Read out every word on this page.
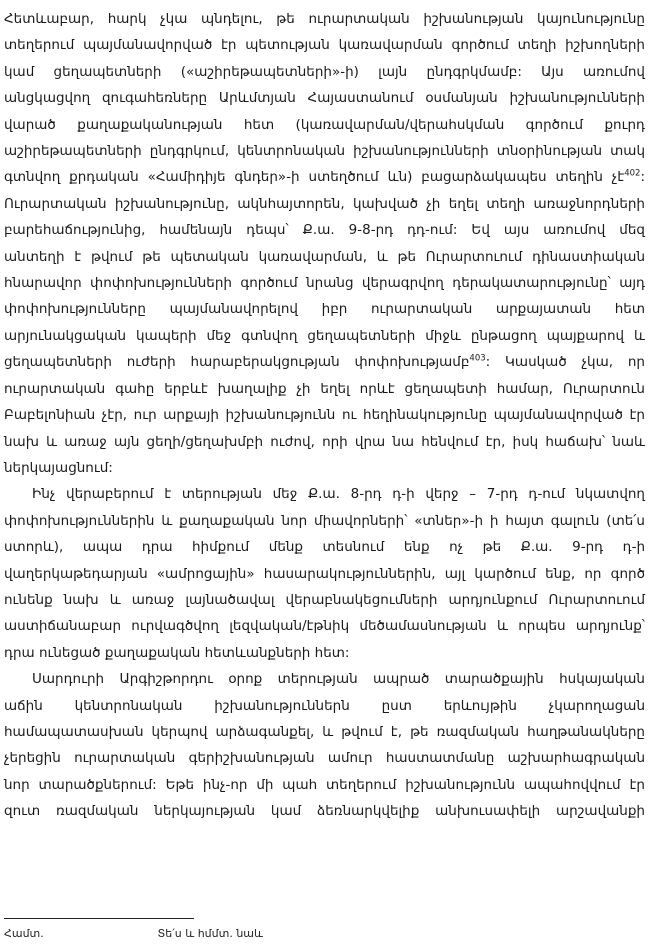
Հետևաբար, հարկ չկա պնդելու, թե ուրարտական իշխանության կայունությունը
տեղերում պայմանավորված էր պետության կառավարման գործում տեղի իշխողների
կամ ցեղապետների («աշիրեթապետների»-ի) լայն ընդգրկմամբ: Այս առումով
անցկացվող զուգահեռները Արևմտյան Հայաստանում օսմանյան իշխանությունների
վարած քաղաքականության հետ (կառավարման/վերահսկման գործում քուրդ
աշիրեթապետների ընդգրկում, կենտրոնական իշխանությունների տնօրինության տակ
գտնվող քրդական «Համիդիյե գնդեր»-ի ստեղծում ևն) բացարձակապես տեղին չէ$^{402}$:
Ուրարտական իշխանությունը, ակնհայտորեն, կախված չի եղել տեղի առաջնորդների
բարեհաճությունից, համենայն դեպս՝ Ք.ա. 9-8-րդ դդ-ում: Եվ այս առումով մեզ
անտեղի է թվում թե պետական կառավարման, և թե Ուրարտուում դինաստիական
հնարավոր փոփոխությունների գործում նրանց վերագրվող դերակատարությունը՝ այդ
փոփոխությունները պայմանավորելով իբր ուրարտական արքայատան հետ
արյունակցական կապերի մեջ գտնվող ցեղապետների միջև ընթացող պայքարով և
ցեղապետների ուժերի հարաբերակցության փոփոխությամբ$^{403}$: Կասկած չկա, որ
ուրարտական գահը երբևէ խաղալիք չի եղել որևէ ցեղապետի համար, Ուրարտուն
Բաբելոնիան չէր, ուր արքայի իշխանությունն ու հեղինակությունը պայմանավորված էր
նախ և առաջ այն ցեղի/ցեղախմբի ուժով, որի վրա նա հենվում էր, իսկ հաճախ՝ նաև
ներկայացնում:
Ինչ վերաբերում է տերության մեջ Ք.ա. 8-րդ դ-ի վերջ – 7-րդ դ-ում նկատվող
փոփոխություններին և քաղաքական նոր միավորների՝ «տներ»-ի ի հայտ գալուն (տե՛ս
ստորև), ապա դրա հիմքում մենք տեսնում ենք ոչ թե Ք.ա. 9-րդ դ-ի
վաղերկաթեդարյան «ամրոցային» հասարակություններին, այլ կարծում ենք, որ գործ
ունենք նախ և առաջ լայնածավալ վերաբնակեցումների արդյունքում Ուրարտուում
աստիճանաբար ուրվագծվող լեզվական/էթնիկ մեծամասնության և որպես արդյունք՝
դրա ունեցած քաղաքական հետևանքների հետ:
Սարդուրի Արգիշթորդու օրոք տերության ապրած տարածքային հսկայական
աճին կենտրոնական իշխանություններն ըստ երևույթին չկարողացան
համապատասխան կերպով արձագանքել, և թվում է, թե ռազմական հաղթանակները
չերեցին ուրարտական գերիշխանության ամուր հաստատմանը աշխարհագրական
նոր տարածքներում: Եթե ինչ-որ մի պահ տեղերում իշխանությունն ապահովվում էր
զուտ ռազմական ներկայության կամ ձեռնարկվելիք անխուսափելի արշավանքի
Համտ.	Տե՛ս և հմմտ. նաև
